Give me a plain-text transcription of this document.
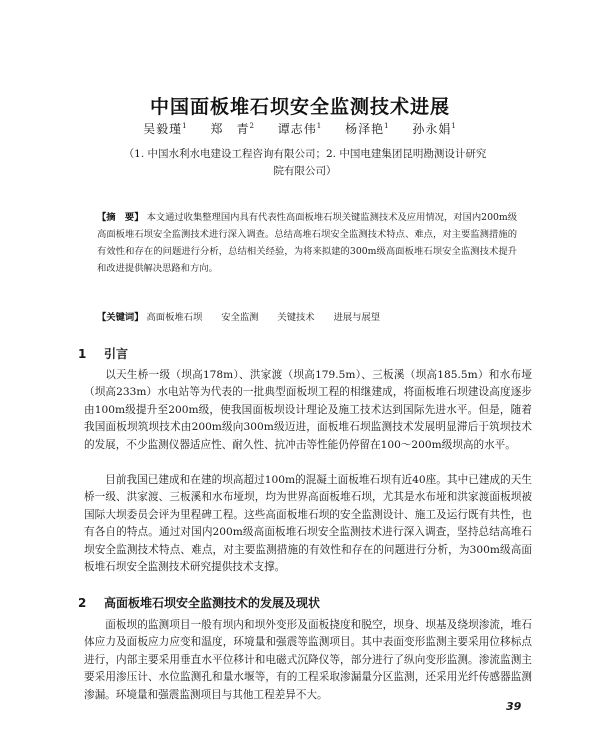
中国面板堆石坝安全监测技术进展
吴毅瑾$^1$ 郑　青$^2$ 谭志伟$^1$ 杨泽艳$^1$ 孙永娟$^1$
（1. 中国水利水电建设工程咨询有限公司；2. 中国电建集团昆明勘测设计研究院有限公司）
【摘　要】 本文通过收集整理国内具有代表性高面板堆石坝关键监测技术及应用情况，对国内200m级高面板堆石坝安全监测技术进行深入调查。总结高堆石坝安全监测技术特点、难点，对主要监测措施的有效性和存在的问题进行分析，总结相关经验，为将来拟建的300m级高面板堆石坝安全监测技术提升和改进提供解决思路和方向。
【关键词】 高面板堆石坝 安全监测 关键技术 进展与展望
1 引言
以天生桥一级（坝高178m）、洪家渡（坝高179.5m）、三板溪（坝高185.5m）和水布垭（坝高233m）水电站等为代表的一批典型面板坝工程的相继建成，将面板堆石坝建设高度逐步由100m级提升至200m级，使我国面板坝设计理论及施工技术达到国际先进水平。但是，随着我国面板坝筑坝技术由200m级向300m级迈进，面板堆石坝监测技术发展明显滞后于筑坝技术的发展，不少监测仪器适应性、耐久性、抗冲击等性能仍停留在100～200m级坝高的水平。
目前我国已建成和在建的坝高超过100m的混凝土面板堆石坝有近40座。其中已建成的天生桥一级、洪家渡、三板溪和水布垭坝，均为世界高面板堆石坝，尤其是水布垭和洪家渡面板坝被国际大坝委员会评为里程碑工程。这些高面板堆石坝的安全监测设计、施工及运行既有共性，也有各自的特点。通过对国内200m级高面板堆石坝安全监测技术进行深入调查，坚持总结高堆石坝安全监测技术特点、难点，对主要监测措施的有效性和存在的问题进行分析，为300m级高面板堆石坝安全监测技术研究提供技术支撑。
2 高面板堆石坝安全监测技术的发展及现状
面板坝的监测项目一般有坝内和坝外变形及面板挠度和脱空，坝身、坝基及绕坝渗流，堆石体应力及面板应力应变和温度，环境量和强震等监测项目。其中表面变形监测主要采用位移标点进行，内部主要采用垂直水平位移计和电磁式沉降仪等，部分进行了纵向变形监测。渗流监测主要采用渗压计、水位监测孔和量水堰等，有的工程采取渗漏量分区监测，还采用光纤传感器监测渗漏。环境量和强震监测项目与其他工程差异不大。
39
